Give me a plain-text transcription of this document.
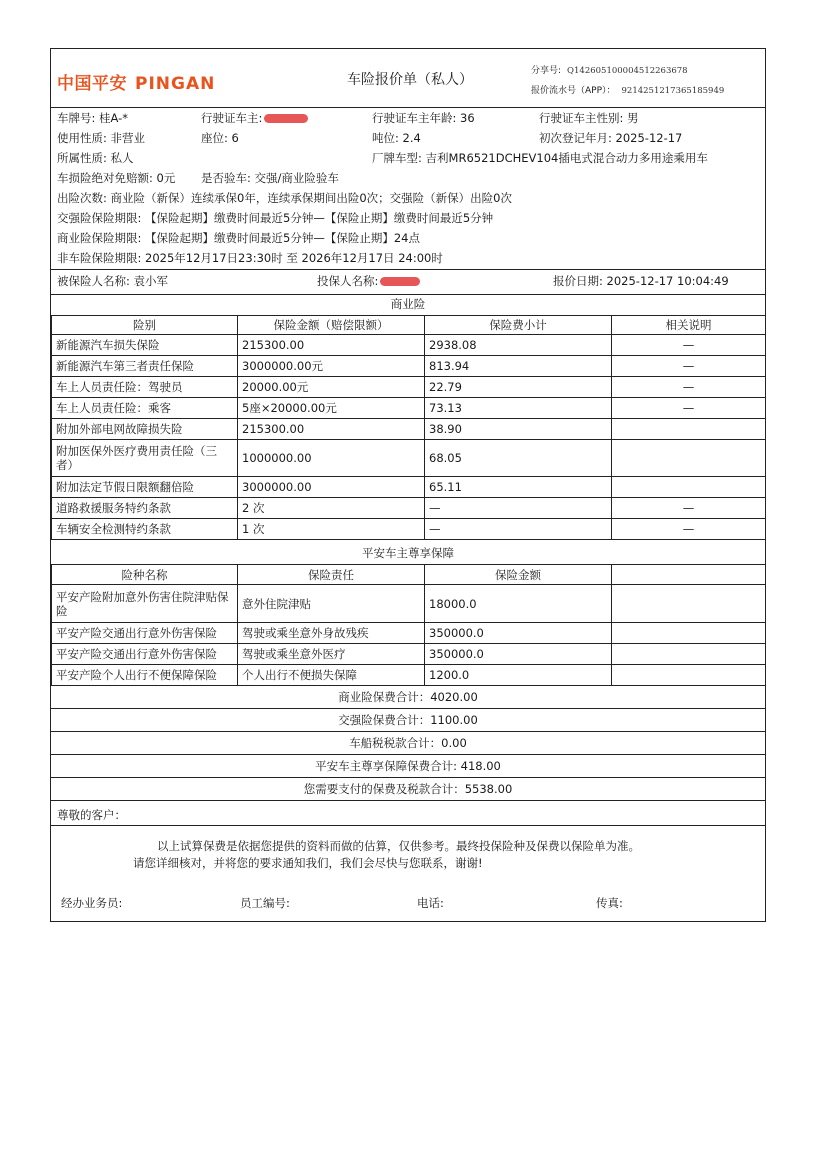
中国平安 PINGAN	车险报价单（私人）
分享号: Q142605100004512263678
报价流水号（APP）： 9214251217365185949
车牌号: 桂A-*	行驶证车主:	行驶证车主年龄: 36	行驶证车主性别: 男
使用性质: 非营业	座位: 6	吨位: 2.4	初次登记年月: 2025-12-17
所属性质: 私人	厂牌车型: 吉利MR6521DCHEV104插电式混合动力多用途乘用车
车损险绝对免赔额: 0元 是否验车: 交强/商业险验车
出险次数: 商业险（新保）连续承保0年，连续承保期间出险0次；交强险（新保）出险0次
交强险保险期限: 【保险起期】缴费时间最近5分钟—【保险止期】缴费时间最近5分钟
商业险保险期限: 【保险起期】缴费时间最近5分钟—【保险止期】24点
非车险保险期限: 2025年12月17日23:30时 至 2026年12月17日 24:00时
被保险人名称: 袁小军	投保人名称:	报价日期: 2025-12-17 10:04:49
商业险
险别	保险金额（赔偿限额）	保险费小计	相关说明
新能源汽车损失保险	215300.00	2938.08	—
新能源汽车第三者责任保险	3000000.00元	813.94	—
车上人员责任险：驾驶员	20000.00元	22.79	—
车上人员责任险：乘客	5座×20000.00元	73.13	—
附加外部电网故障损失险	215300.00	38.90	
附加医保外医疗费用责任险（三者）	1000000.00	68.05	
附加法定节假日限额翻倍险	3000000.00	65.11	
道路救援服务特约条款	2 次	—	—
车辆安全检测特约条款	1 次	—	—
平安车主尊享保障
险种名称	保险责任	保险金额	
平安产险附加意外伤害住院津贴保险	意外住院津贴	18000.0	
平安产险交通出行意外伤害保险	驾驶或乘坐意外身故残疾	350000.0	
平安产险交通出行意外伤害保险	驾驶或乘坐意外医疗	350000.0	
平安产险个人出行不便保障保险	个人出行不便损失保障	1200.0	
商业险保费合计：4020.00
交强险保费合计：1100.00
车船税税款合计：0.00
平安车主尊享保障保费合计: 418.00
您需要支付的保费及税款合计：5538.00
尊敬的客户：
以上试算保费是依据您提供的资料而做的估算，仅供参考。最终投保险种及保费以保险单为准。
请您详细核对，并将您的要求通知我们，我们会尽快与您联系，谢谢!
经办业务员:	员工编号:	电话:	传真:
